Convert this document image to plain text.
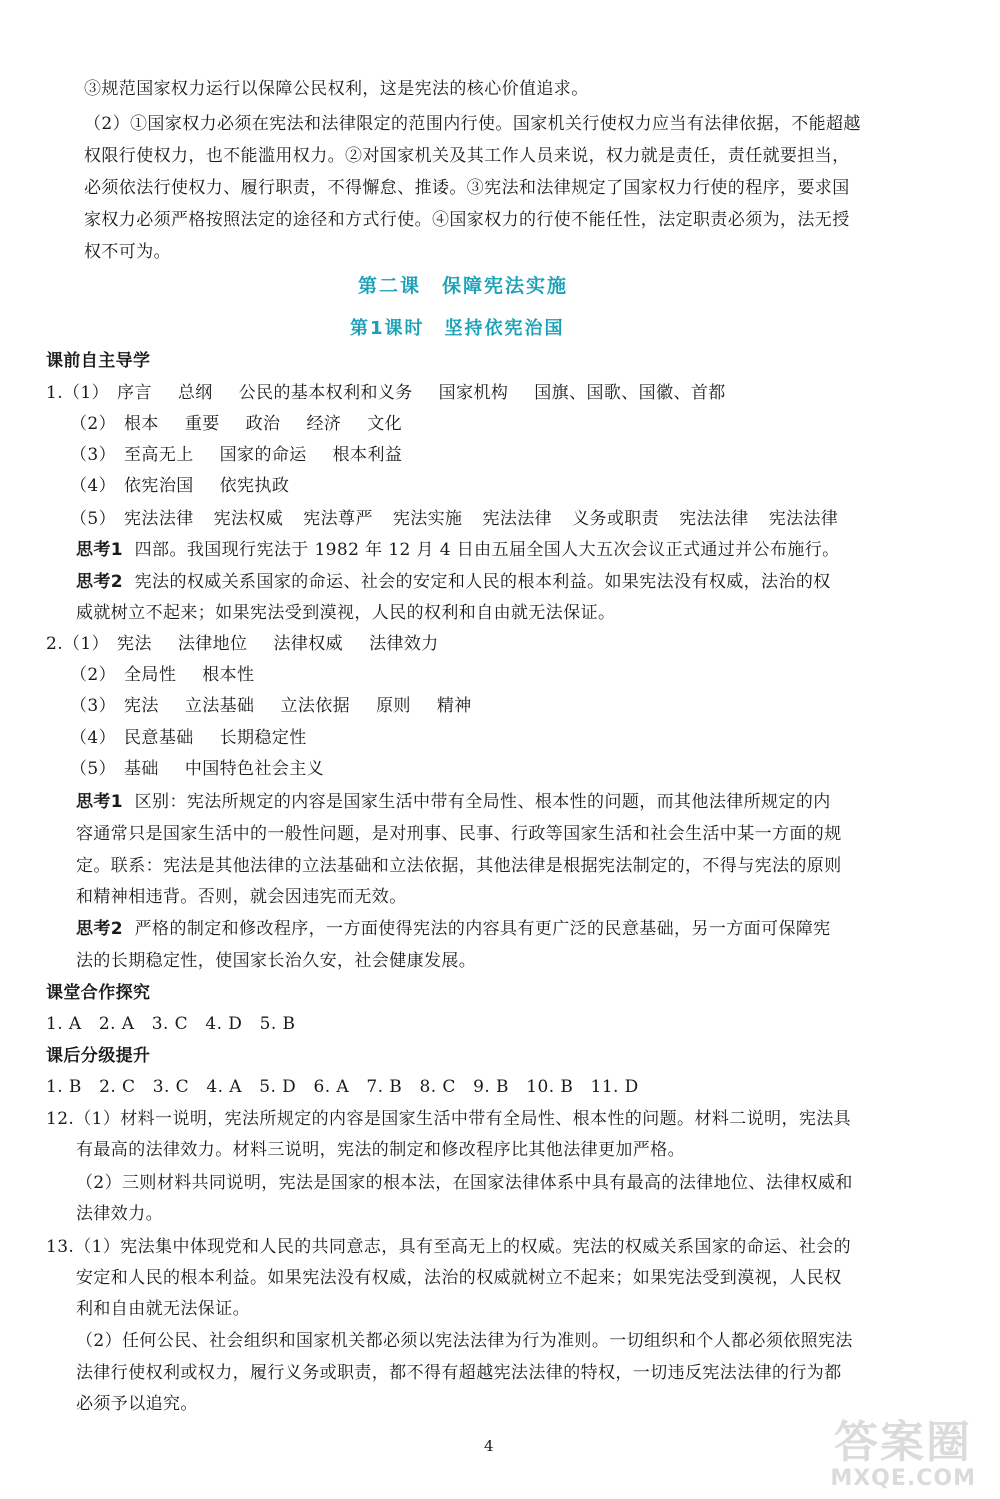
③规范国家权力运行以保障公民权利，这是宪法的核心价值追求。
（2）①国家权力必须在宪法和法律限定的范围内行使。国家机关行使权力应当有法律依据，不能超越
权限行使权力，也不能滥用权力。②对国家机关及其工作人员来说，权力就是责任，责任就要担当，
必须依法行使权力、履行职责，不得懈怠、推诿。③宪法和法律规定了国家权力行使的程序，要求国
家权力必须严格按照法定的途径和方式行使。④国家权力的行使不能任性，法定职责必须为，法无授
权不可为。
第二课　保障宪法实施
第1课时　坚持依宪治国
课前自主导学
1.（1） 序言 总纲 公民的基本权利和义务 国家机构 国旗、国歌、国徽、首都
（2） 根本 重要 政治 经济 文化
（3） 至高无上 国家的命运 根本利益
（4） 依宪治国 依宪执政
（5） 宪法法律 宪法权威 宪法尊严 宪法实施 宪法法律 义务或职责 宪法法律 宪法法律
思考1 四部。我国现行宪法于 1982 年 12 月 4 日由五届全国人大五次会议正式通过并公布施行。
思考2 宪法的权威关系国家的命运、社会的安定和人民的根本利益。如果宪法没有权威，法治的权
威就树立不起来；如果宪法受到漠视，人民的权利和自由就无法保证。
2.（1） 宪法 法律地位 法律权威 法律效力
（2） 全局性 根本性
（3） 宪法 立法基础 立法依据 原则 精神
（4） 民意基础 长期稳定性
（5） 基础 中国特色社会主义
思考1 区别：宪法所规定的内容是国家生活中带有全局性、根本性的问题，而其他法律所规定的内
容通常只是国家生活中的一般性问题，是对刑事、民事、行政等国家生活和社会生活中某一方面的规
定。联系：宪法是其他法律的立法基础和立法依据，其他法律是根据宪法制定的，不得与宪法的原则
和精神相违背。否则，就会因违宪而无效。
思考2 严格的制定和修改程序，一方面使得宪法的内容具有更广泛的民意基础，另一方面可保障宪
法的长期稳定性，使国家长治久安，社会健康发展。
课堂合作探究
1. A　2. A　3. C　4. D　5. B
课后分级提升
1. B　2. C　3. C　4. A　5. D　6. A　7. B　8. C　9. B　10. B　11. D
12.（1）材料一说明，宪法所规定的内容是国家生活中带有全局性、根本性的问题。材料二说明，宪法具
有最高的法律效力。材料三说明，宪法的制定和修改程序比其他法律更加严格。
（2）三则材料共同说明，宪法是国家的根本法，在国家法律体系中具有最高的法律地位、法律权威和
法律效力。
13.（1）宪法集中体现党和人民的共同意志，具有至高无上的权威。宪法的权威关系国家的命运、社会的
安定和人民的根本利益。如果宪法没有权威，法治的权威就树立不起来；如果宪法受到漠视，人民权
利和自由就无法保证。
（2）任何公民、社会组织和国家机关都必须以宪法法律为行为准则。一切组织和个人都必须依照宪法
法律行使权利或权力，履行义务或职责，都不得有超越宪法法律的特权，一切违反宪法法律的行为都
必须予以追究。
4	答案圈
MXQE.COM
